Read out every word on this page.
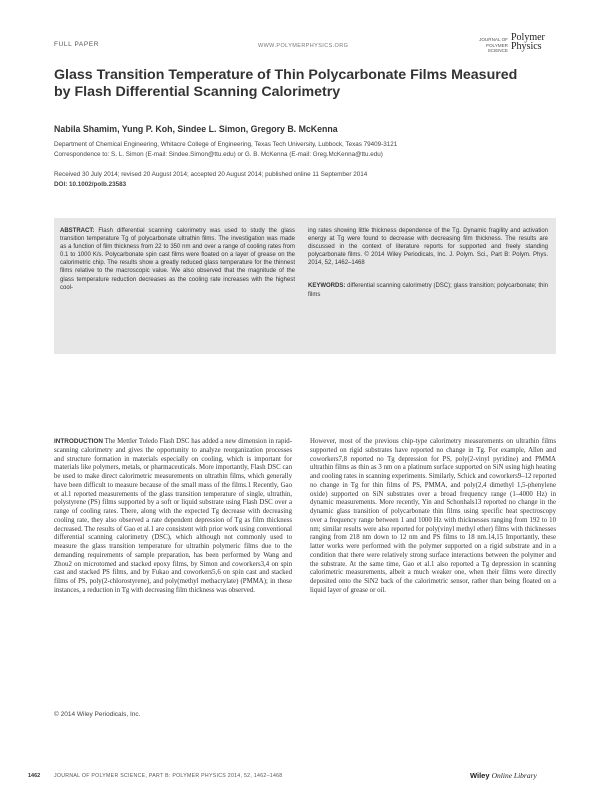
FULL PAPER	WWW.POLYMERPHYSICS.ORG
JOURNAL OF
POLYMER SCIENCE
Polymer
Physics
Glass Transition Temperature of Thin Polycarbonate Films Measured by Flash Differential Scanning Calorimetry
Nabila Shamim, Yung P. Koh, Sindee L. Simon, Gregory B. McKenna
Department of Chemical Engineering, Whitacre College of Engineering, Texas Tech University, Lubbock, Texas 79409-3121
Correspondence to: S. L. Simon (E-mail: Sindee.Simon@ttu.edu) or G. B. McKenna (E-mail: Greg.McKenna@ttu.edu)
Received 30 July 2014; revised 20 August 2014; accepted 20 August 2014; published online 11 September 2014
DOI: 10.1002/polb.23583
ABSTRACT: Flash differential scanning calorimetry was used to study the glass transition temperature Tg of polycarbonate ultrathin films. The investigation was made as a function of film thickness from 22 to 350 nm and over a range of cooling rates from 0.1 to 1000 K/s. Polycarbonate spin cast films were floated on a layer of grease on the calorimetric chip. The results show a greatly reduced glass temperature for the thinnest films relative to the macroscopic value. We also observed that the magnitude of the glass temperature reduction decreases as the cooling rate increases with the highest cool-
ing rates showing little thickness dependence of the Tg. Dynamic fragility and activation energy at Tg were found to decrease with decreasing film thickness. The results are discussed in the context of literature reports for supported and freely standing polycarbonate films. © 2014 Wiley Periodicals, Inc. J. Polym. Sci., Part B: Polym. Phys. 2014, 52, 1462–1468
KEYWORDS: differential scanning calorimetry (DSC); glass transition; polycarbonate; thin films
INTRODUCTION The Mettler Toledo Flash DSC has added a new dimension in rapid-scanning calorimetry and gives the opportunity to analyze reorganization processes and structure formation in materials especially on cooling, which is important for materials like polymers, metals, or pharmaceuticals. More importantly, Flash DSC can be used to make direct calorimetric measurements on ultrathin films, which generally have been difficult to measure because of the small mass of the films.1 Recently, Gao et al.1 reported measurements of the glass transition temperature of single, ultrathin, polystyrene (PS) films supported by a soft or liquid substrate using Flash DSC over a range of cooling rates. There, along with the expected Tg decrease with decreasing cooling rate, they also observed a rate dependent depression of Tg as film thickness decreased. The results of Gao et al.1 are consistent with prior work using conventional differential scanning calorimetry (DSC), which although not commonly used to measure the glass transition temperature for ultrathin polymeric films due to the demanding requirements of sample preparation, has been performed by Wang and Zhou2 on microtomed and stacked epoxy films, by Simon and coworkers3,4 on spin cast and stacked PS films, and by Fukao and coworkers5,6 on spin cast and stacked films of PS, poly(2-chlorostyrene), and poly(methyl methacrylate) (PMMA); in those instances, a reduction in Tg with decreasing film thickness was observed.
However, most of the previous chip-type calorimetry measurements on ultrathin films supported on rigid substrates have reported no change in Tg. For example, Allen and coworkers7,8 reported no Tg depression for PS, poly(2-vinyl pyridine) and PMMA ultrathin films as thin as 3 nm on a platinum surface supported on SiN using high heating and cooling rates in scanning experiments. Similarly, Schick and coworkers9–12 reported no change in Tg for thin films of PS, PMMA, and poly(2,4 dimethyl 1,5-phenylene oxide) supported on SiN substrates over a broad frequency range (1–4000 Hz) in dynamic measurements. More recently, Yin and Schonhals13 reported no change in the dynamic glass transition of polycarbonate thin films using specific heat spectroscopy over a frequency range between 1 and 1000 Hz with thicknesses ranging from 192 to 10 nm; similar results were also reported for poly(vinyl methyl ether) films with thicknesses ranging from 218 nm down to 12 nm and PS films to 18 nm.14,15 Importantly, these latter works were performed with the polymer supported on a rigid substrate and in a condition that there were relatively strong surface interactions between the polymer and the substrate. At the same time, Gao et al.1 also reported a Tg depression in scanning calorimetric measurements, albeit a much weaker one, when their films were directly deposited onto the SiN2 back of the calorimetric sensor, rather than being floated on a liquid layer of grease or oil.
© 2014 Wiley Periodicals, Inc.
1462	JOURNAL OF POLYMER SCIENCE, PART B: POLYMER PHYSICS 2014, 52, 1462–1468	Wiley Online Library
